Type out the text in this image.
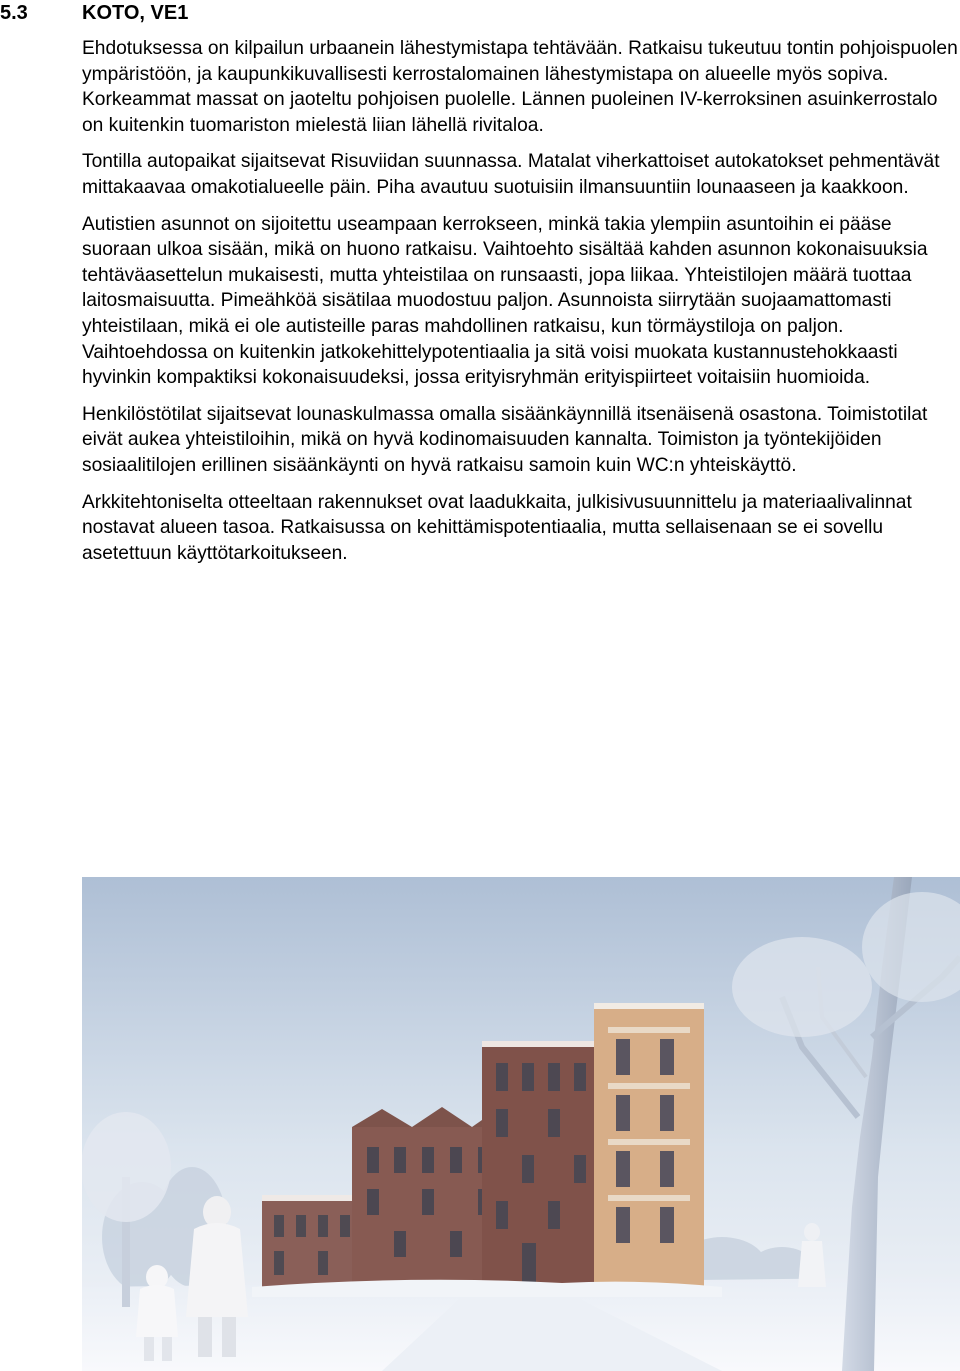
5.3	KOTO, VE1

Ehdotuksessa on kilpailun urbaanein lähestymistapa tehtävään. Ratkaisu tukeutuu tontin pohjoispuolen ympäristöön, ja kaupunkikuvallisesti kerrostalomainen lähestymistapa on alueelle myös sopiva. Korkeammat massat on jaoteltu pohjoisen puolelle. Lännen puoleinen IV-kerroksinen asuinkerrostalo on kuitenkin tuomariston mielestä liian lähellä rivitaloa.

Tontilla autopaikat sijaitsevat Risuviidan suunnassa. Matalat viherkattoiset autokatokset pehmentävät mittakaavaa omakotialueelle päin. Piha avautuu suotuisiin ilmansuuntiin lounaaseen ja kaakkoon.

Autistien asunnot on sijoitettu useampaan kerrokseen, minkä takia ylempiin asuntoihin ei pääse suoraan ulkoa sisään, mikä on huono ratkaisu. Vaihtoehto sisältää kahden asunnon kokonaisuuksia tehtäväasettelun mukaisesti, mutta yhteistilaa on runsaasti, jopa liikaa. Yhteistilojen määrä tuottaa laitosmaisuutta. Pimeähköä sisätilaa muodostuu paljon. Asunnoista siirrytään suojaamattomasti yhteistilaan, mikä ei ole autisteille paras mahdollinen ratkaisu, kun törmäystiloja on paljon. Vaihtoehdossa on kuitenkin jatkokehittelypotentiaalia ja sitä voisi muokata kustannustehokkaasti hyvinkin kompaktiksi kokonaisuudeksi, jossa erityisryhmän erityispiirteet voitaisiin huomioida.

Henkilöstötilat sijaitsevat lounaskulmassa omalla sisäänkäynnillä itsenäisenä osastona. Toimistotilat eivät aukea yhteistiloihin, mikä on hyvä kodinomaisuuden kannalta. Toimiston ja työntekijöiden sosiaalitilojen erillinen sisäänkäynti on hyvä ratkaisu samoin kuin WC:n yhteiskäyttö.

Arkkitehtoniselta otteeltaan rakennukset ovat laadukkaita, julkisivusuunnittelu ja materiaalivalinnat nostavat alueen tasoa. Ratkaisussa on kehittämispotentiaalia, mutta sellaisenaan se ei sovellu asetettuun käyttötarkoitukseen.
